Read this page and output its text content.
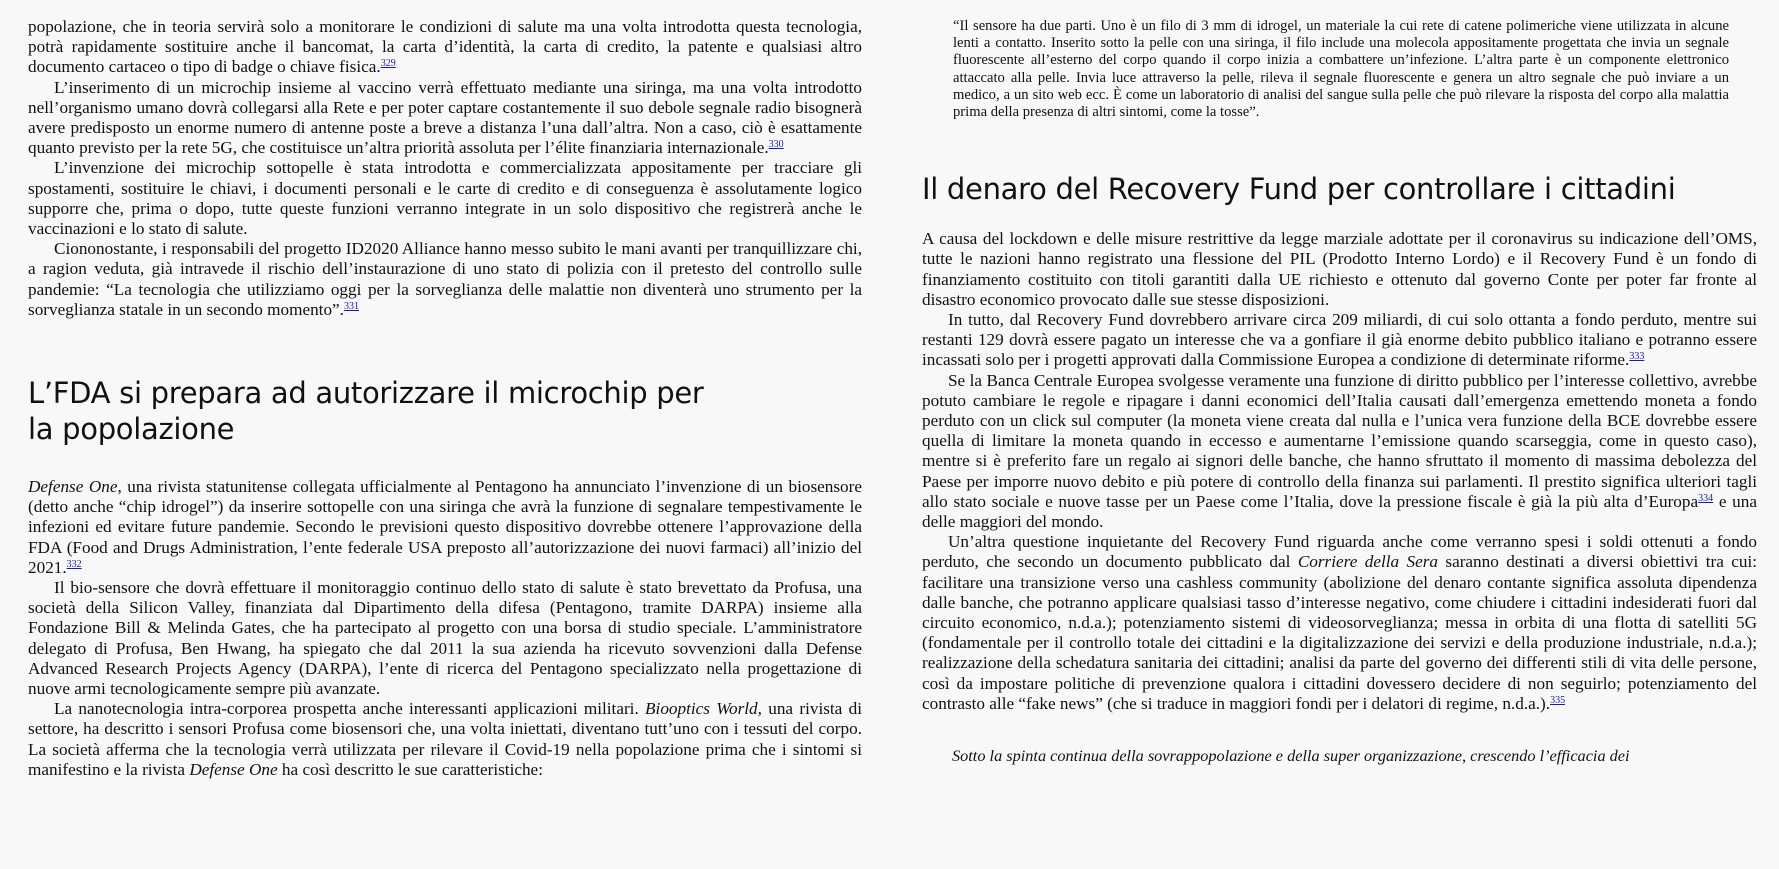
popolazione, che in teoria servirà solo a monitorare le condizioni di salute ma una volta introdotta questa tecnologia, potrà rapidamente sostituire anche il bancomat, la carta d’identità, la carta di credito, la patente e qualsiasi altro documento cartaceo o tipo di badge o chiave fisica.$^{329}$

L’inserimento di un microchip insieme al vaccino verrà effettuato mediante una siringa, ma una volta introdotto nell’organismo umano dovrà collegarsi alla Rete e per poter captare costantemente il suo debole segnale radio bisognerà avere predisposto un enorme numero di antenne poste a breve a distanza l’una dall’altra. Non a caso, ciò è esattamente quanto previsto per la rete 5G, che costituisce un’altra priorità assoluta per l’élite finanziaria internazionale.$^{330}$

L’invenzione dei microchip sottopelle è stata introdotta e commercializzata appositamente per tracciare gli spostamenti, sostituire le chiavi, i documenti personali e le carte di credito e di conseguenza è assolutamente logico supporre che, prima o dopo, tutte queste funzioni verranno integrate in un solo dispositivo che registrerà anche le vaccinazioni e lo stato di salute.

Ciononostante, i responsabili del progetto ID2020 Alliance hanno messo subito le mani avanti per tranquillizzare chi, a ragion veduta, già intravede il rischio dell’instaurazione di uno stato di polizia con il pretesto del controllo sulle pandemie: “La tecnologia che utilizziamo oggi per la sorveglianza delle malattie non diventerà uno strumento per la sorveglianza statale in un secondo momento”.$^{331}$

L’FDA si prepara ad autorizzare il microchip per la popolazione

Defense One, una rivista statunitense collegata ufficialmente al Pentagono ha annunciato l’invenzione di un biosensore (detto anche “chip idrogel”) da inserire sottopelle con una siringa che avrà la funzione di segnalare tempestivamente le infezioni ed evitare future pandemie. Secondo le previsioni questo dispositivo dovrebbe ottenere l’approvazione della FDA (Food and Drugs Administration, l’ente federale USA preposto all’autorizzazione dei nuovi farmaci) all’inizio del 2021.$^{332}$

Il bio-sensore che dovrà effettuare il monitoraggio continuo dello stato di salute è stato brevettato da Profusa, una società della Silicon Valley, finanziata dal Dipartimento della difesa (Pentagono, tramite DARPA) insieme alla Fondazione Bill & Melinda Gates, che ha partecipato al progetto con una borsa di studio speciale. L’amministratore delegato di Profusa, Ben Hwang, ha spiegato che dal 2011 la sua azienda ha ricevuto sovvenzioni dalla Defense Advanced Research Projects Agency (DARPA), l’ente di ricerca del Pentagono specializzato nella progettazione di nuove armi tecnologicamente sempre più avanzate.

La nanotecnologia intra-corporea prospetta anche interessanti applicazioni militari. Biooptics World, una rivista di settore, ha descritto i sensori Profusa come biosensori che, una volta iniettati, diventano tutt’uno con i tessuti del corpo. La società afferma che la tecnologia verrà utilizzata per rilevare il Covid-19 nella popolazione prima che i sintomi si manifestino e la rivista Defense One ha così descritto le sue caratteristiche:

“Il sensore ha due parti. Uno è un filo di 3 mm di idrogel, un materiale la cui rete di catene polimeriche viene utilizzata in alcune lenti a contatto. Inserito sotto la pelle con una siringa, il filo include una molecola appositamente progettata che invia un segnale fluorescente all’esterno del corpo quando il corpo inizia a combattere un’infezione. L’altra parte è un componente elettronico attaccato alla pelle. Invia luce attraverso la pelle, rileva il segnale fluorescente e genera un altro segnale che può inviare a un medico, a un sito web ecc. È come un laboratorio di analisi del sangue sulla pelle che può rilevare la risposta del corpo alla malattia prima della presenza di altri sintomi, come la tosse”.

Il denaro del Recovery Fund per controllare i cittadini

A causa del lockdown e delle misure restrittive da legge marziale adottate per il coronavirus su indicazione dell’OMS, tutte le nazioni hanno registrato una flessione del PIL (Prodotto Interno Lordo) e il Recovery Fund è un fondo di finanziamento costituito con titoli garantiti dalla UE richiesto e ottenuto dal governo Conte per poter far fronte al disastro economico provocato dalle sue stesse disposizioni.

In tutto, dal Recovery Fund dovrebbero arrivare circa 209 miliardi, di cui solo ottanta a fondo perduto, mentre sui restanti 129 dovrà essere pagato un interesse che va a gonfiare il già enorme debito pubblico italiano e potranno essere incassati solo per i progetti approvati dalla Commissione Europea a condizione di determinate riforme.$^{333}$

Se la Banca Centrale Europea svolgesse veramente una funzione di diritto pubblico per l’interesse collettivo, avrebbe potuto cambiare le regole e ripagare i danni economici dell’Italia causati dall’emergenza emettendo moneta a fondo perduto con un click sul computer (la moneta viene creata dal nulla e l’unica vera funzione della BCE dovrebbe essere quella di limitare la moneta quando in eccesso e aumentarne l’emissione quando scarseggia, come in questo caso), mentre si è preferito fare un regalo ai signori delle banche, che hanno sfruttato il momento di massima debolezza del Paese per imporre nuovo debito e più potere di controllo della finanza sui parlamenti. Il prestito significa ulteriori tagli allo stato sociale e nuove tasse per un Paese come l’Italia, dove la pressione fiscale è già la più alta d’Europa$^{334}$ e una delle maggiori del mondo.

Un’altra questione inquietante del Recovery Fund riguarda anche come verranno spesi i soldi ottenuti a fondo perduto, che secondo un documento pubblicato dal Corriere della Sera saranno destinati a diversi obiettivi tra cui: facilitare una transizione verso una cashless community (abolizione del denaro contante significa assoluta dipendenza dalle banche, che potranno applicare qualsiasi tasso d’interesse negativo, come chiudere i cittadini indesiderati fuori dal circuito economico, n.d.a.); potenziamento sistemi di videosorveglianza; messa in orbita di una flotta di satelliti 5G (fondamentale per il controllo totale dei cittadini e la digitalizzazione dei servizi e della produzione industriale, n.d.a.); realizzazione della schedatura sanitaria dei cittadini; analisi da parte del governo dei differenti stili di vita delle persone, così da impostare politiche di prevenzione qualora i cittadini dovessero decidere di non seguirlo; potenziamento del contrasto alle “fake news” (che si traduce in maggiori fondi per i delatori di regime, n.d.a.).$^{335}$

Sotto la spinta continua della sovrappopolazione e della super organizzazione, crescendo l’efficacia dei
